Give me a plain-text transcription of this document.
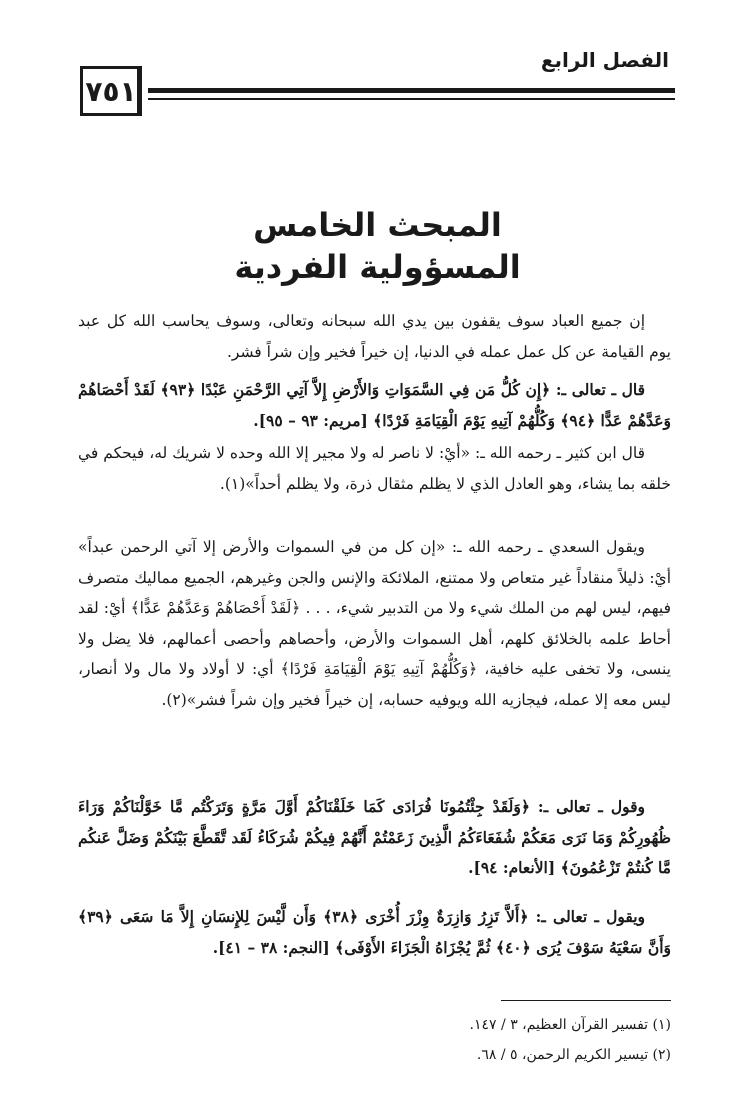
الفصل الرابع
٧٥١
المبحث الخامس
المسؤولية الفردية

إن جميع العباد سوف يقفون بين يدي الله سبحانه وتعالى، وسوف يحاسب الله كل عبد يوم القيامة عن كل عمل عمله في الدنيا، إن خيراً فخير وإن شراً فشر.

قال ـ تعالى ـ: ﴿إِن كُلُّ مَن فِي السَّمَوَاتِ وَالأَرْضِ إِلاَّ آتِي الرَّحْمَنِ عَبْدًا ﴿٩٣﴾ لَقَدْ أَحْصَاهُمْ وَعَدَّهُمْ عَدًّا ﴿٩٤﴾ وَكُلُّهُمْ آتِيهِ يَوْمَ الْقِيَامَةِ فَرْدًا﴾ [مريم: ٩٣ – ٩٥].

قال ابن كثير ـ رحمه الله ـ: «أيْ: لا ناصر له ولا مجير إلا الله وحده لا شريك له، فيحكم في خلقه بما يشاء، وهو العادل الذي لا يظلم مثقال ذرة، ولا يظلم أحداً»(١).

ويقول السعدي ـ رحمه الله ـ: «إن كل من في السموات والأرض إلا آتي الرحمن عبداً» أيْ: ذليلاً منقاداً غير متعاص ولا ممتنع، الملائكة والإنس والجن وغيرهم، الجميع مماليك متصرف فيهم، ليس لهم من الملك شيء ولا من التدبير شيء، . . . ﴿لَقَدْ أَحْصَاهُمْ وَعَدَّهُمْ عَدًّا﴾ أيْ: لقد أحاط علمه بالخلائق كلهم، أهل السموات والأرض، وأحصاهم وأحصى أعمالهم، فلا يضل ولا ينسى، ولا تخفى عليه خافية، ﴿وَكُلُّهُمْ آتِيهِ يَوْمَ الْقِيَامَةِ فَرْدًا﴾ أي: لا أولاد ولا مال ولا أنصار، ليس معه إلا عمله، فيجازيه الله ويوفيه حسابه، إن خيراً فخير وإن شراً فشر»(٢).

وقول ـ تعالى ـ: ﴿وَلَقَدْ جِئْتُمُونَا فُرَادَى كَمَا خَلَقْنَاكُمْ أَوَّلَ مَرَّةٍ وَتَرَكْتُم مَّا خَوَّلْنَاكُمْ وَرَاءَ ظُهُورِكُمْ وَمَا نَرَى مَعَكُمْ شُفَعَاءَكُمُ الَّذِينَ زَعَمْتُمْ أَنَّهُمْ فِيكُمْ شُرَكَاءُ لَقَد تَّقَطَّعَ بَيْنَكُمْ وَضَلَّ عَنكُم مَّا كُنتُمْ تَزْعُمُونَ﴾ [الأنعام: ٩٤].

ويقول ـ تعالى ـ: ﴿أَلاَّ تَزِرُ وَازِرَةٌ وِزْرَ أُخْرَى ﴿٣٨﴾ وَأَن لَّيْسَ لِلإِنسَانِ إِلاَّ مَا سَعَى ﴿٣٩﴾ وَأَنَّ سَعْيَهُ سَوْفَ يُرَى ﴿٤٠﴾ ثُمَّ يُجْزَاهُ الْجَزَاءَ الأَوْفَى﴾ [النجم: ٣٨ – ٤١].

(١) تفسير القرآن العظيم، ٣ / ١٤٧.
(٢) تيسير الكريم الرحمن، ٥ / ٦٨.
